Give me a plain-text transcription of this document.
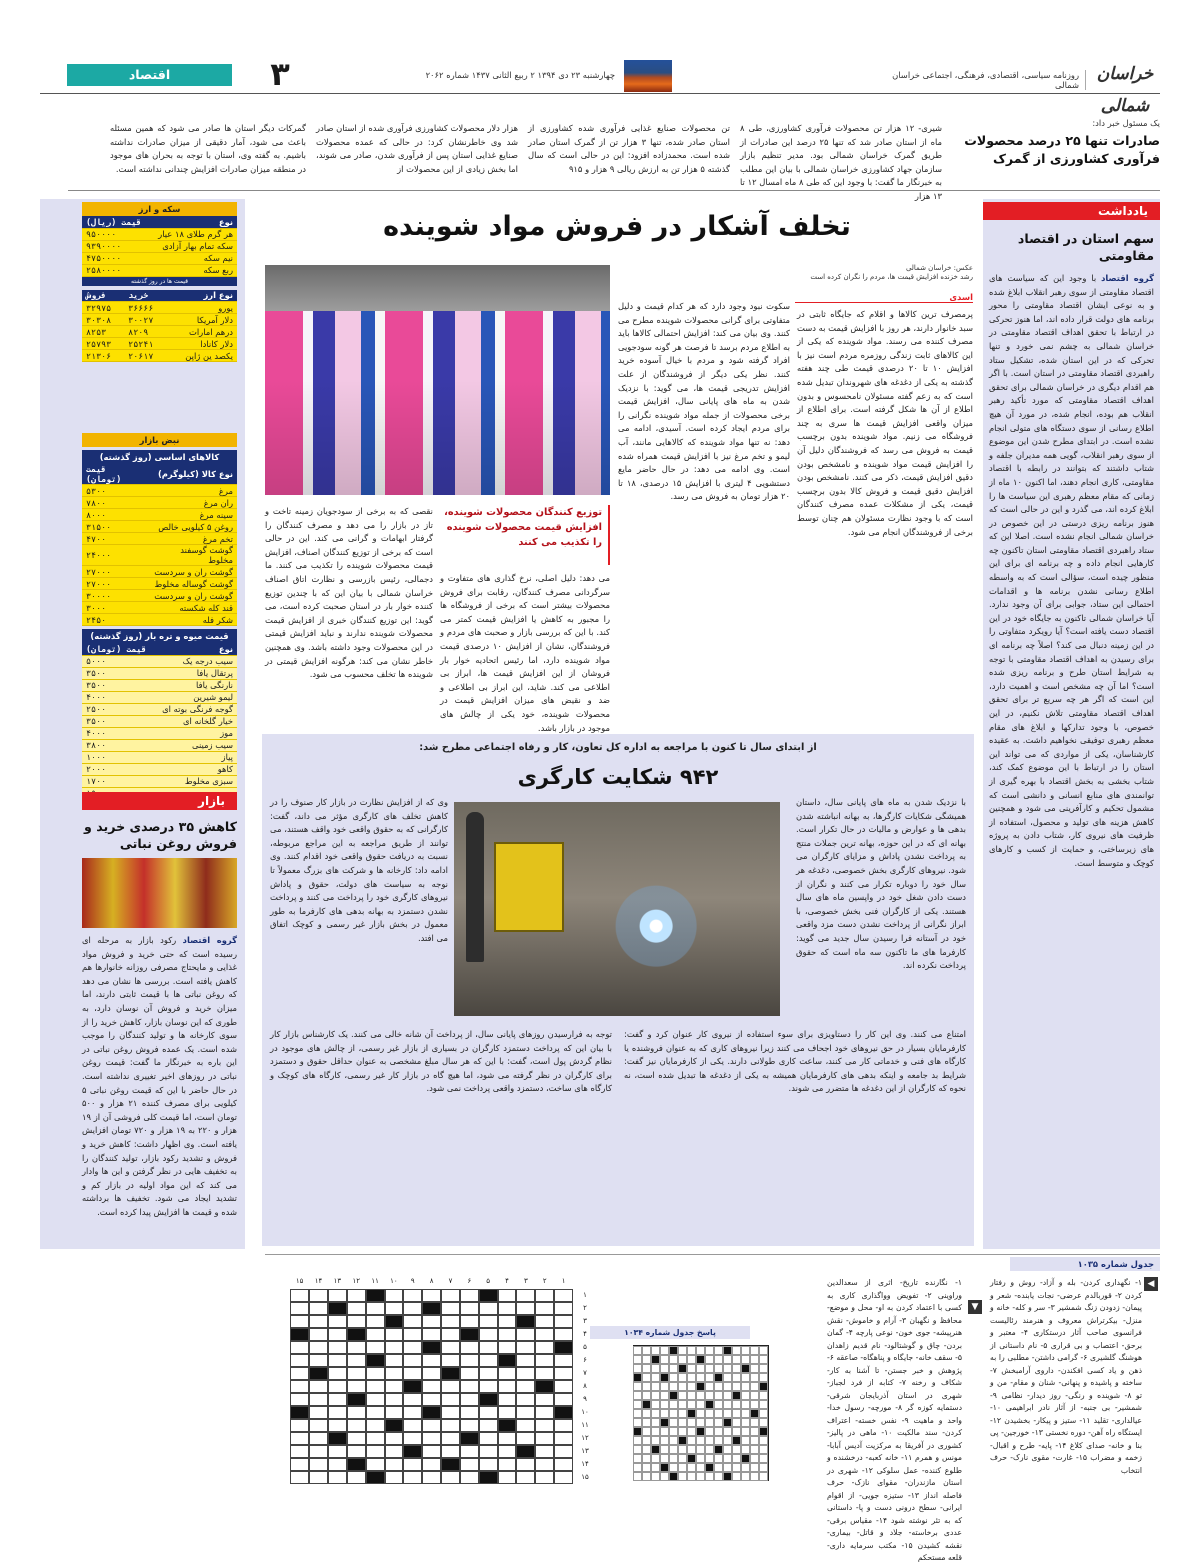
خراسان شمالی
روزنامه سیاسی، اقتصادی، فرهنگی، اجتماعی خراسان شمالی
چهارشنبه ۲۳ دی ۱۳۹۴ ۲ ربیع الثانی ۱۴۳۷ شماره ۲۰۶۲
۳
اقتصاد
یک مسئول خبر داد:
صادرات تنها ۲۵ درصد محصولات فرآوری کشاورزی از گمرک
شیری- ۱۲ هزار تن محصولات فرآوری کشاورزی، طی ۸ ماه از استان صادر شد که تنها ۲۵ درصد این صادرات از طریق گمرک خراسان شمالی بود. مدیر تنظیم بازار سازمان جهاد کشاورزی خراسان شمالی با بیان این مطلب به خبرنگار ما گفت: با وجود این که طی ۸ ماه امسال ۱۲ تا ۱۳ هزار
تن محصولات صنایع غذایی فرآوری شده کشاورزی از استان صادر شده، تنها ۳ هزار تن از گمرک استان صادر شده است. محمدزاده افزود: این در حالی است که سال گذشته ۵ هزار تن به ارزش ریالی ۹ هزار و ۹۱۵
هزار دلار محصولات کشاورزی فرآوری شده از استان صادر شد وی خاطرنشان کرد: در حالی که عمده محصولات صنایع غذایی استان پس از فرآوری شدن، صادر می شوند، اما بخش زیادی از این محصولات از
گمرکات دیگر استان ها صادر می شود که همین مسئله باعث می شود، آمار دقیقی از میزان صادرات نداشته باشیم. به گفته وی، استان با توجه به بحران های موجود در منطقه میزان صادرات افزایش چندانی نداشته است.
یادداشت
سهم استان در اقتصاد مقاومتی
گروه اقتصاد با وجود این که سیاست های اقتصاد مقاومتی از سوی رهبر انقلاب ابلاغ شده و به نوعی ایشان اقتصاد مقاومتی را محور برنامه های دولت قرار داده اند، اما هنوز تحرکی در ارتباط با تحقق اهداف اقتصاد مقاومتی در خراسان شمالی به چشم نمی خورد و تنها تحرکی که در این استان شده، تشکیل ستاد راهبردی اقتصاد مقاومتی در استان است. با اگر هم اقدام دیگری در خراسان شمالی برای تحقق اهداف اقتصاد مقاومتی که مورد تأکید رهبر انقلاب هم بوده، انجام شده، در مورد آن هیچ اطلاع رسانی از سوی دستگاه های متولی انجام نشده است. در ابتدای مطرح شدن این موضوع از سوی رهبر انقلاب، گویی همه مدیران جلفه و شتاب داشتند که بتوانند در رابطه با اقتصاد مقاومتی، کاری انجام دهند، اما اکنون ۱۰ ماه از زمانی که مقام معظم رهبری این سیاست ها را ابلاغ کرده اند، می گذرد و این در حالی است که هنوز برنامه ریزی درستی در این خصوص در خراسان شمالی انجام نشده است. اصلا این که ستاد راهبردی اقتصاد مقاومتی استان تاکنون چه کارهایی انجام داده و چه برنامه ای برای این منظور چیده است، سؤالی است که به واسطه اطلاع رسانی نشدن برنامه ها و اقدامات احتمالی این ستاد، جوابی برای آن وجود ندارد. آیا خراسان شمالی تاکنون به جایگاه خود در این اقتصاد دست یافته است؟ آیا رویکرد متفاوتی را در این زمینه دنبال می کند؟ اصلاً چه برنامه ای برای رسیدن به اهداف اقتصاد مقاومتی با توجه به شرایط استان طرح و برنامه ریزی شده است؟ اما آن چه مشخص است و اهمیت دارد، این است که اگر هر چه سریع تر برای تحقق اهداف اقتصاد مقاومتی تلاش نکنیم، در این خصوص، با وجود تدارکها و ابلاغ های مقام معظم رهبری توفیقی نخواهیم داشت. به عقیده کارشناسان، یکی از مواردی که می تواند این استان را در ارتباط با این موضوع کمک کند، شتاب بخشی به بخش اقتصاد با بهره گیری از توانمندی های منابع انسانی و دانشی است که مشمول تحکیم و کارآفرینی می شود و همچنین کاهش هزینه های تولید و محصول، استفاده از ظرفیت های نیروی کار، شتاب دادن به پروژه های زیرساختی، و حمایت از کسب و کارهای کوچک و متوسط است.
سکه و ارز
نوع	قیمت (ریال)
هر گرم طلای ۱۸ عیار	۹۵۰۰۰۰
سکه تمام بهار آزادی	۹۳۹۰۰۰۰
نیم سکه	۴۷۵۰۰۰۰
ربع سکه	۲۵۸۰۰۰۰
قیمت ها در روز گذشته
نوع ارز	خرید	فروش
یورو	۳۶۶۶۶	۳۲۹۷۵
دلار آمریکا	۳۰۰۲۷	۳۰۳۰۸
درهم امارات	۸۲۰۹	۸۲۵۳
دلار کانادا	۲۵۲۴۱	۲۵۷۹۳
یکصد ین ژاپن	۲۰۶۱۷	۲۱۳۰۶
نبض بازار
کالاهای اساسی (روز گذشته)
نوع کالا (کیلوگرم)	قیمت (تومان)
مرغ	۵۳۰۰
ران مرغ	۷۸۰۰
سینه مرغ	۸۰۰۰
روغن ۵ کیلویی خالص	۳۱۵۰۰
تخم مرغ	۴۷۰۰
گوشت گوسفند مخلوط	۲۴۰۰۰
گوشت ران و سردست	۲۷۰۰۰
گوشت گوساله مخلوط	۲۷۰۰۰
گوشت ران و سردست	۳۰۰۰۰
قند کله شکسته	۳۰۰۰
شکر فله	۲۴۵۰
قیمت میوه و تره بار (روز گذشته)
نوع	قیمت (تومان)
سیب درجه یک	۵۰۰۰
پرتقال یافا	۳۵۰۰
نارنگی یافا	۳۵۰۰
لیمو شیرین	۴۰۰۰
گوجه فرنگی بوته ای	۲۵۰۰
خیار گلخانه ای	۳۵۰۰
موز	۴۰۰۰
سیب زمینی	۳۸۰۰
پیاز	۱۰۰۰
کاهو	۲۰۰۰
سبزی مخلوط	۱۷۰۰

بازار
کاهش ۳۵ درصدی خرید و فروش روغن نباتی
گروه اقتصاد رکود بازار به مرحله ای رسیده است که حتی خرید و فروش مواد غذایی و مایحتاج مصرفی روزانه خانوارها هم کاهش یافته است. بررسی ها نشان می دهد که روغن نباتی ها با قیمت ثابتی دارند، اما میزان خرید و فروش آن نوسان دارد، به طوری که این نوسان بازار، کاهش خرید را از سوی کارخانه ها و تولید کنندگان را موجب شده است. یک عمده فروش روغن نباتی در این باره به خبرنگار ما گفت: قیمت روغن نباتی در روزهای اخیر تغییری نداشته است. در حال حاضر با این که قیمت روغن نباتی ۵ کیلویی برای مصرف کننده ۲۱ هزار و ۵۰۰ تومان است، اما قیمت کلی فروشی آن از ۱۹ هزار و ۲۲۰ به ۱۹ هزار و ۷۲۰ تومان افزایش یافته است. وی اظهار داشت: کاهش خرید و فروش و تشدید رکود بازار، تولید کنندگان را به تخفیف هایی در نظر گرفتن و این ها وادار می کند که این مواد اولیه در بازار کم و تشدید ایجاد می شود. تخفیف ها برداشته شده و قیمت ها افزایش پیدا کرده است.
تخلف آشکار در فروش مواد شوینده
عکس: خراسان شمالی
رشد خزنده افزایش قیمت ها، مردم را نگران کرده است
اسدی
پرمصرف ترین کالاها و اقلام که جایگاه ثابتی در سبد خانوار دارند، هر روز با افزایش قیمت به دست مصرف کننده می رسند. مواد شوینده که یکی از این کالاهای ثابت زندگی روزمره مردم است نیز با افزایش ۱۰ تا ۲۰ درصدی قیمت طی چند هفته گذشته به یکی از دغدغه های شهروندان تبدیل شده است که به زعم گفته مسئولان نامحسوس و بدون اطلاع از آن ها شکل گرفته است. برای اطلاع از میزان واقعی افزایش قیمت ها سری به چند فروشگاه می زنیم. مواد شوینده بدون برچسب قیمت به فروش می رسد که فروشندگان دلیل آن را افزایش قیمت مواد شوینده و نامشخص بودن دقیق افزایش قیمت، ذکر می کنند. نامشخص بودن افزایش دقیق قیمت و فروش کالا بدون برچسب قیمت، یکی از مشکلات عمده مصرف کنندگان است که با وجود نظارت مسئولان هم چنان توسط برخی از فروشندگان انجام می شود.
سکوت نبود وجود دارد که هر کدام قیمت و دلیل متفاوتی برای گرانی محصولات شوینده مطرح می کنند. وی بیان می کند: افزایش احتمالی کالاها باید به اطلاع مردم برسد تا فرصت هر گونه سودجویی افراد گرفته شود و مردم با خیال آسوده خرید کنند. نظر یکی دیگر از فروشندگان از علت افزایش تدریجی قیمت ها، می گوید: با نزدیک شدن به ماه های پایانی سال، افزایش قیمت برخی محصولات از جمله مواد شوینده نگرانی را برای مردم ایجاد کرده است. آسیدی، ادامه می دهد: نه تنها مواد شوینده که کالاهایی مانند، آب لیمو و تخم مرغ نیز با افزایش قیمت همراه شده است. وی ادامه می دهد: در حال حاضر مایع دستشویی ۴ لیتری با افزایش ۱۵ درصدی، ۱۸ تا ۲۰ هزار تومان به فروش می رسد.
توزیع کنندگان محصولات شوینده، افزایش قیمت محصولات شوینده را تکذیب می کنند
می دهد: دلیل اصلی، نرخ گذاری های متفاوت و سرگردانی مصرف کنندگان، رقابت برای فروش محصولات بیشتر است که برخی از فروشگاه ها را مجبور به کاهش یا افزایش قیمت کمتر می کند. با این که بررسی بازار و صحبت های مردم و فروشندگان، نشان از افزایش ۱۰ درصدی قیمت مواد شوینده دارد، اما رئیس اتحادیه خوار بار فروشان از این افزایش قیمت ها، ابراز بی اطلاعی می کند. شاید، این ابراز بی اطلاعی و ضد و نقیض های میزان افزایش قیمت در محصولات شوینده، خود یکی از چالش های موجود در بازار باشد.
نقصی که به برخی از سودجویان زمینه تاخت و تاز در بازار را می دهد و مصرف کنندگان را گرفتار ابهامات و گرانی می کند. این در حالی است که برخی از توزیع کنندگان اصناف، افزایش قیمت محصولات شوینده را تکذیب می کنند. ما دجمالی، رئیس بازرسی و نظارت اتاق اصناف خراسان شمالی با بیان این که با چندین توزیع کننده خوار بار در استان صحبت کرده است، می گوید: این توزیع کنندگان خبری از افزایش قیمت محصولات شوینده ندارند و نباید افزایش قیمتی در این محصولات وجود داشته باشد. وی همچنین خاطر نشان می کند: هرگونه افزایش قیمتی در شوینده ها تخلف محسوب می شود.
از ابتدای سال تا کنون با مراجعه به اداره کل تعاون، کار و رفاه اجتماعی مطرح شد:
۹۴۲ شکایت کارگری
با نزدیک شدن به ماه های پایانی سال، داستان همیشگی شکایات کارگرها، به بهانه انباشته شدن بدهی ها و عوارض و مالیات در حال تکرار است. بهانه ای که در این حوزه، بهانه ترین جملات منتج به پرداخت نشدن پاداش و مزایای کارگران می شود. نیروهای کارگری بخش خصوصی، دغدغه هر سال خود را دوباره تکرار می کنند و نگران از دست دادن شغل خود در واپسین ماه های سال هستند. یکی از کارگران فنی بخش خصوصی، با ابراز نگرانی از پرداخت نشدن دست مزد واقعی خود در آستانه فرا رسیدن سال جدید می گوید: کارفرما های ما تاکنون سه ماه است که حقوق پرداخت نکرده اند.
وی که از افزایش نظارت در بازار کار صنوف را در کاهش تخلف های کارگری مؤثر می داند، گفت: کارگرانی که به حقوق واقعی خود واقف هستند، می توانند از طریق مراجعه به این مراجع مربوطه، نسبت به دریافت حقوق واقعی خود اقدام کنند. وی ادامه داد: کارخانه ها و شرکت های بزرگ معمولاً تا نوجه به سیاست های دولت، حقوق و پاداش نیروهای کارگری خود را پرداخت می کنند و پرداخت نشدن دستمزد به بهانه بدهی های کارفرما به طور معمول در بخش بازار غیر رسمی و کوچک اتفاق می افتد.
امتناع می کنند. وی این کار را دستاویزی برای سوء استفاده از نیروی کار عنوان کرد و گفت: کارفرمایان بسیار در حق نیروهای خود اجحاف می کنند زیرا نیروهای کاری که به عنوان فروشنده یا کارگاه های فنی و خدماتی کار می کنند، ساعت کاری طولانی دارند. یکی از کارفرمایان نیز گفت: شرایط بد جامعه و اینکه بدهی های کارفرمایان همیشه به یکی از دغدغه ها تبدیل شده است، نه نحوه که کارگران از این دغدغه ها متضرر می شوند.
توجه به فرارسیدن روزهای پایانی سال، از پرداخت آن شانه خالی می کنند. یک کارشناس بازار کار با بیان این که پرداخت دستمزد کارگران در بسیاری از بازار غیر رسمی، از چالش های موجود در نظام گردش پول است، گفت: با این که هر سال مبلغ مشخصی به عنوان حداقل حقوق و دستمزد برای کارگران در نظر گرفته می شود، اما هیچ گاه در بازار کار غیر رسمی، کارگاه های کوچک و کارگاه های ساخت، دستمزد واقعی پرداخت نمی شود.
جدول شماره ۱۰۳۵
◀
▼
۱- نگهداری کردن- بله و آزاد- روش و رفتار کردن ۲- قوربالدم عرضی- نجات یابنده- شعر و پیمان- زدودن زنگ شمشیر ۳- سر و کله- خانه و منزل- بیکرتراش معروف و هنرمند رئالیست فرانسوی صاحب آثار درستکاری ۴- معتبر و برحق- اعتصاب و بی قراری ۵- نام داستانی از هوشنگ گلشیری ۶- گرامی داشتن- مطلبی را به ذهن و یاد کسی افکندن- داروی آرامبخش ۷- ساخته و پاشیده و پنهانی- شنان و مقام- من و تو ۸- شوینده و رنگی- روز دیدار- نظامی ۹- شمشیر- بی جنبه- از آثار نادر ابراهیمی ۱۰- عیالداری- تقلید ۱۱- ستیز و پیکار- بخشیدن ۱۲- ایستگاه راه آهن- دوره نخستی ۱۳- خورجین- پی بنا و خانه- صدای کلاغ ۱۴- پایه- طرح و اقبال- زخمه و مضراب ۱۵- غارت- مقوی نارک- حرف انتخاب
۱- نگارنده تاریخ- اثری از سعدالدین وراوینی ۲- تفویض وواگذاری کاری به کسی با اعتماد کردن به او- محل و موضع- محافظ و نگهبان ۳- آرام و خاموش- نقش هنرپیشه- جوی خون- نوعی پارچه ۴- گمان بردن- چاق و گوشتالود- نام قدیم زاهدان ۵- سقف خانه- جایگاه و پناهگاه- صاعقه ۶- پژوهش و خبر جستن- تا آشنا به کار- شکاف و رخنه ۷- کتابه از فرد لجباز- شهری در استان آذربایجان شرقی- دستمایه کوزه گر ۸- مورچه- رسول خدا- واحد و ماهیت ۹- نفس خسته- اعتراف کردن- سند مالکیت ۱۰- ماهی در پالیز- کشوری در آفریقا به مرکزیت آدیس آبابا- مونس و همرم ۱۱- خانه کعبه- درخشنده و طلوع کننده- عمل سلوکی ۱۲- شهری در استان مازندران- مقوای نازک- حرف فاصله انداز ۱۳- ستیزه جویی- از اقوام ایرانی- سطح درونی دست و پا- داستانی که به تئر نوشته شود ۱۴- مقیاس برقی- عددی برخاسته- جلاد و قاتل- بیماری- نقشه کشیدن ۱۵- مکتب سرمایه داری- قلعه مستحکم
پاسخ جدول شماره ۱۰۳۴
۱
۲
۳
۴
۵
۶
۷
۸
۹
۱۰
۱۱
۱۲
۱۳
۱۴
۱۵
۱
۲
۳
۴
۵
۶
۷
۸
۹
۱۰
۱۱
۱۲
۱۳
۱۴
۱۵
